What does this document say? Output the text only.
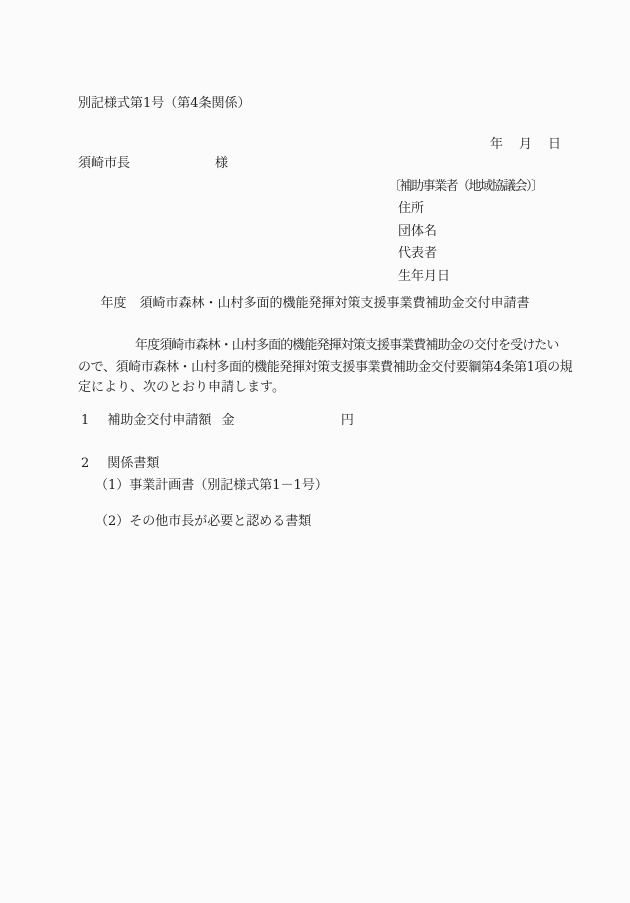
別記様式第1号（第4条関係）
年　月　日
須崎市長	様
〔補助事業者（地域協議会）〕
住所
団体名
代表者
生年月日
年度　須崎市森林・山村多面的機能発揮対策支援事業費補助金交付申請書
年度須崎市森林・山村多面的機能発揮対策支援事業費補助金の交付を受けたい
ので、須崎市森林・山村多面的機能発揮対策支援事業費補助金交付要綱第4条第1項の規
定により、次のとおり申請します。
1 補助金交付申請額 金	円
2 関係書類
（1）事業計画書（別記様式第1－1号）
（2）その他市長が必要と認める書類
